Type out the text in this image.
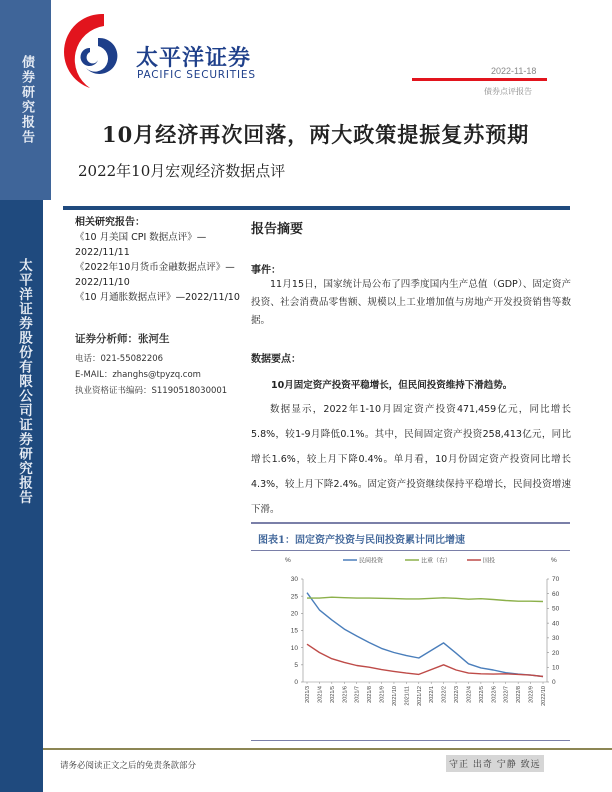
债券研究报告
太平洋证券股份有限公司证券研究报告
太平洋证券
PACIFIC SECURITIES	2022-11-18
债券点评报告
10月经济再次回落，两大政策提振复苏预期
2022年10月宏观经济数据点评
相关研究报告：
《10 月美国 CPI 数据点评》—2022/11/11
《2022年10月货币金融数据点评》—2022/11/10
《10 月通胀数据点评》—2022/11/10
证券分析师：张河生
电话：021-55082206
E-MAIL：zhanghs@tpyzq.com
执业资格证书编码：S1190518030001
报告摘要
事件：
11月15日，国家统计局公布了四季度国内生产总值（GDP）、固定资产投资、社会消费品零售额、规模以上工业增加值与房地产开发投资销售等数据。
数据要点：
10月固定资产投资平稳增长，但民间投资维持下滑趋势。
数据显示，2022年1-10月固定资产投资471,459亿元，同比增长5.8%，较1-9月降低0.1%。其中，民间固定资产投资258,413亿元，同比增长1.6%，较上月下降0.4%。单月看，10月份固定资产投资同比增长4.3%，较上月下降2.4%。固定资产投资继续保持平稳增长，民间投资增速下滑。
图表1：固定资产投资与民间投资累计同比增速
%	%
民间投资	比重（右）	国投
0
5
10
15
20
25
30
0
10
20
30
40
50
60
70
2021/3 2021/4 2021/5 2021/6 2021/7 2021/8 2021/9 2021/10 2021/11 2021/12 2022/1 2022/2 2022/3 2022/4 2022/5 2022/6 2022/7 2022/8 2022/9 2022/10
请务必阅读正文之后的免责条款部分	守正 出奇 宁静 致远
